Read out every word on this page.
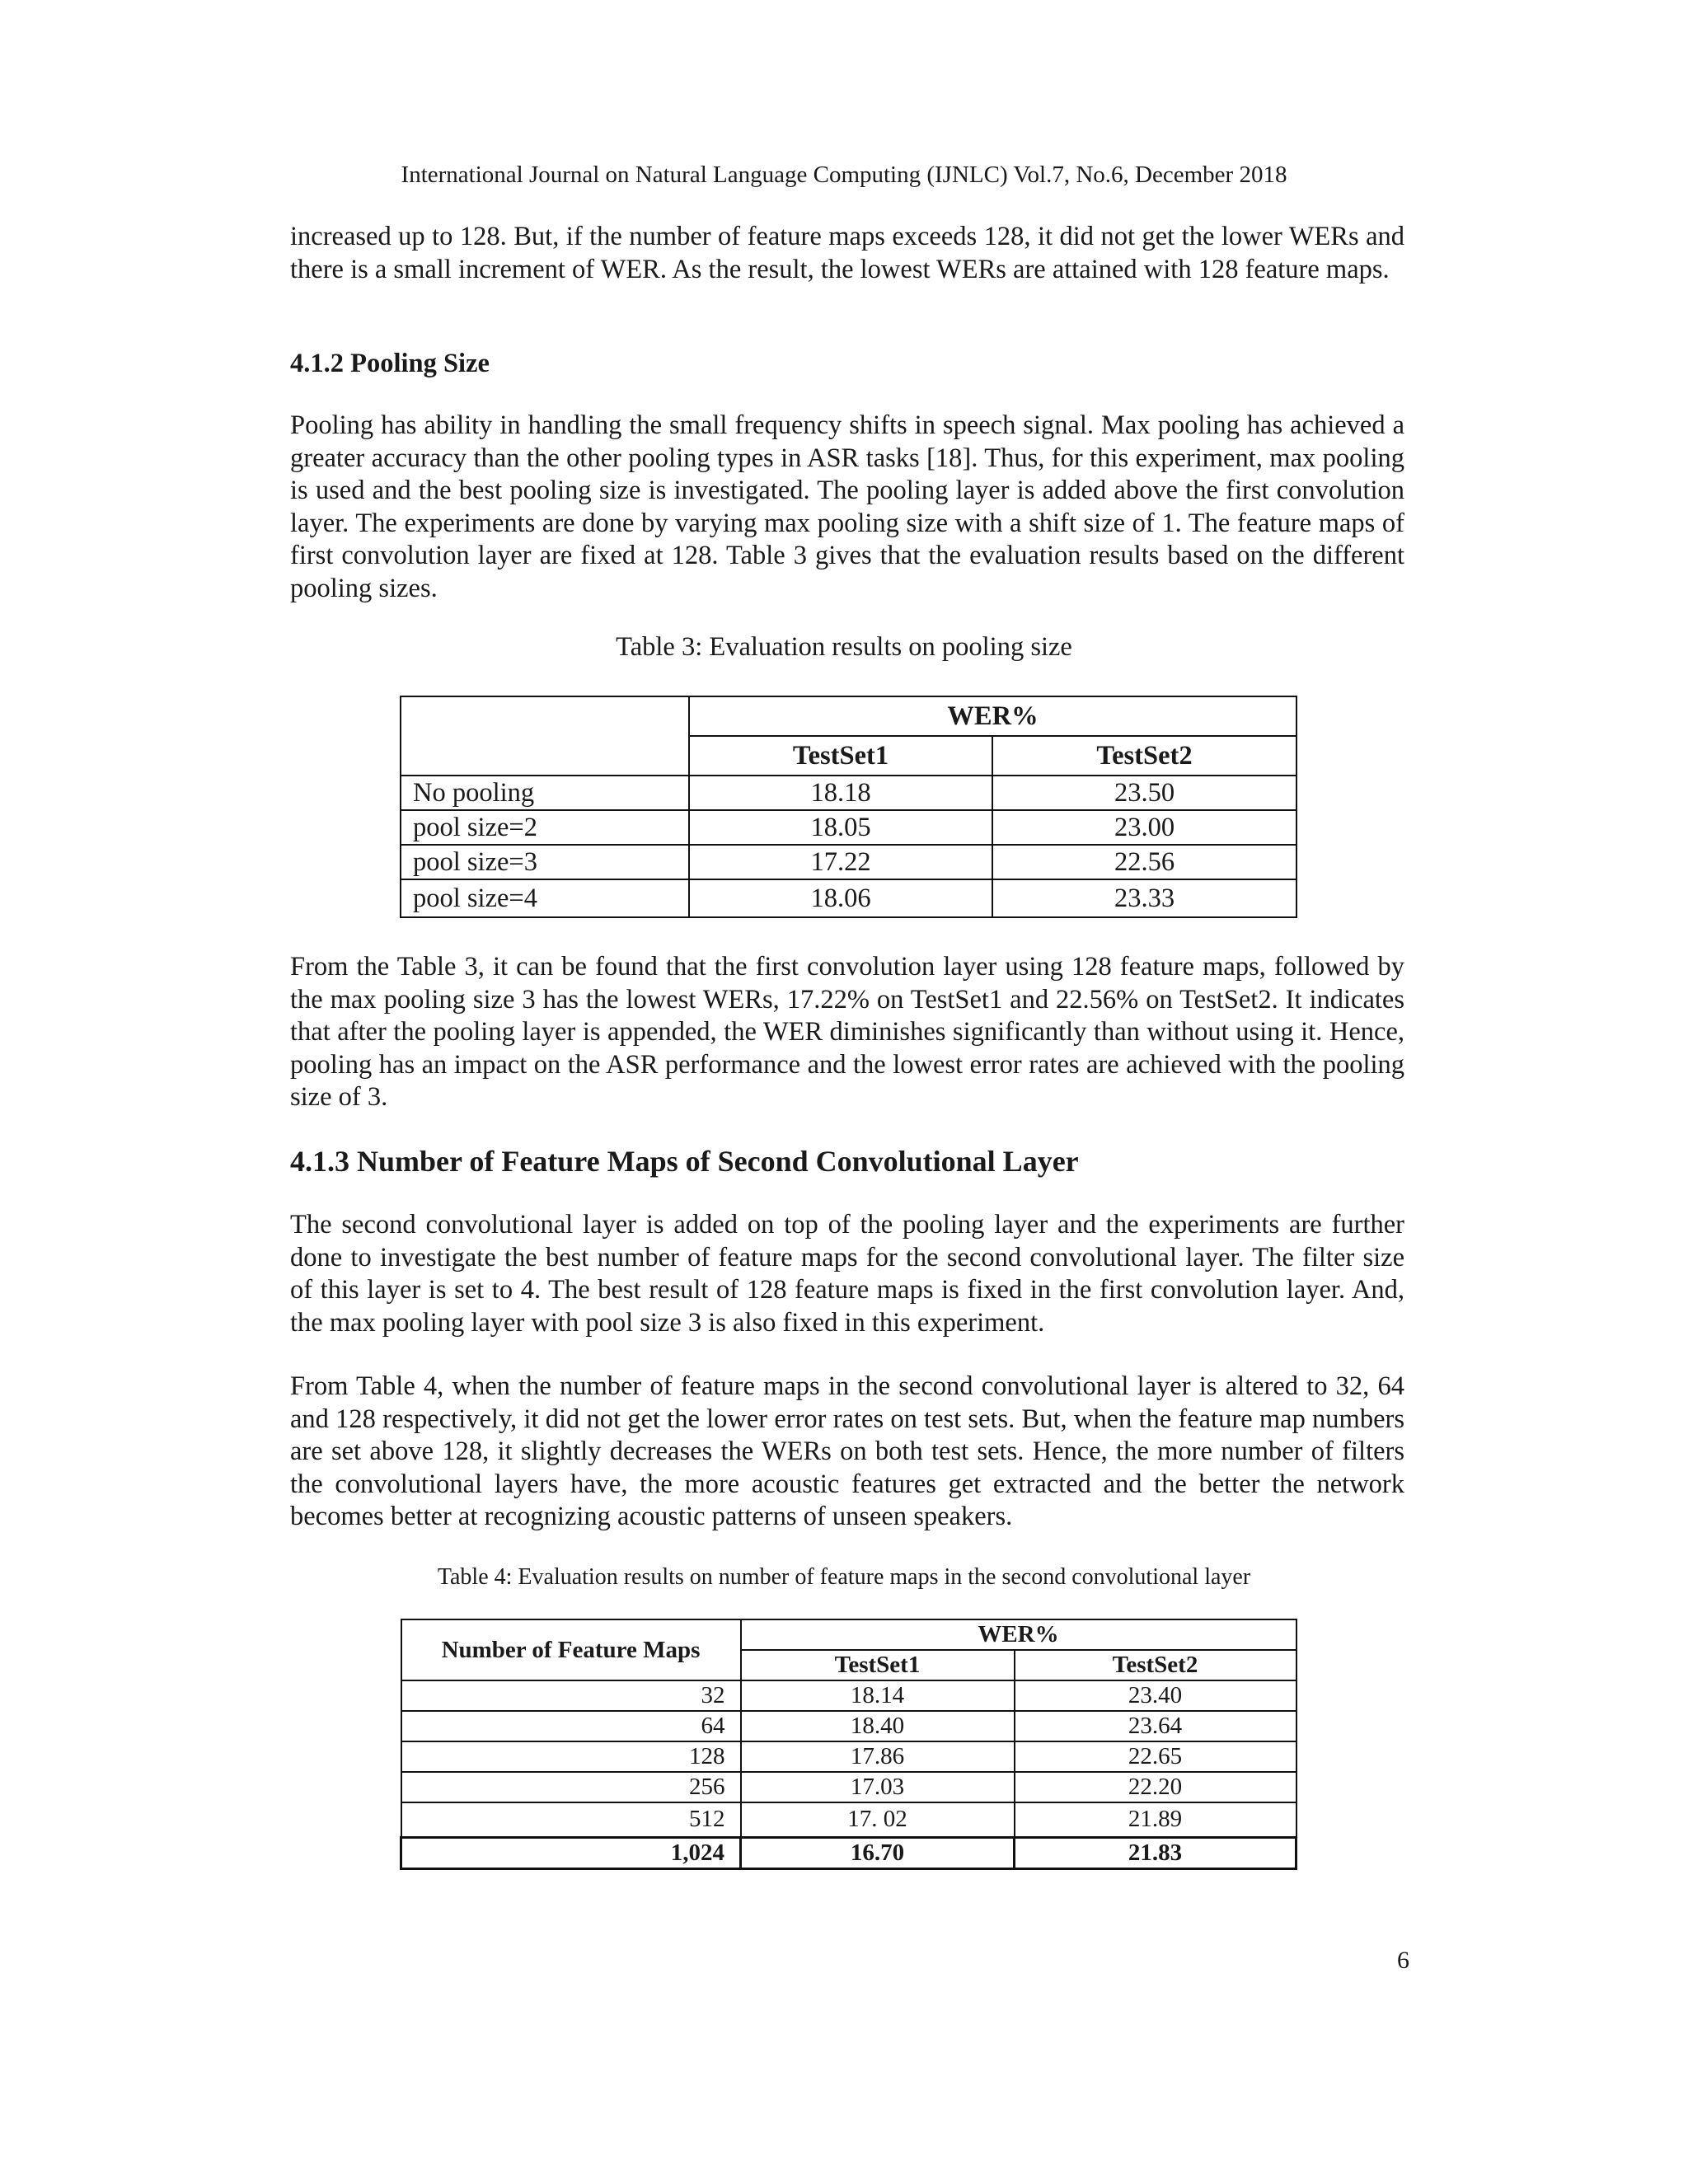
International Journal on Natural Language Computing (IJNLC) Vol.7, No.6, December 2018

increased up to 128. But, if the number of feature maps exceeds 128, it did not get the lower WERs and there is a small increment of WER. As the result, the lowest WERs are attained with 128 feature maps.

4.1.2 Pooling Size

Pooling has ability in handling the small frequency shifts in speech signal. Max pooling has achieved a greater accuracy than the other pooling types in ASR tasks [18]. Thus, for this experiment, max pooling is used and the best pooling size is investigated. The pooling layer is added above the first convolution layer. The experiments are done by varying max pooling size with a shift size of 1. The feature maps of first convolution layer are fixed at 128. Table 3 gives that the evaluation results based on the different pooling sizes.

Table 3: Evaluation results on pooling size
	WER%	
	TestSet1	TestSet2
No pooling	18.18	23.50
pool size=2	18.05	23.00
pool size=3	17.22	22.56
pool size=4	18.06	23.33

From the Table 3, it can be found that the first convolution layer using 128 feature maps, followed by the max pooling size 3 has the lowest WERs, 17.22% on TestSet1 and 22.56% on TestSet2. It indicates that after the pooling layer is appended, the WER diminishes significantly than without using it. Hence, pooling has an impact on the ASR performance and the lowest error rates are achieved with the pooling size of 3.

4.1.3 Number of Feature Maps of Second Convolutional Layer

The second convolutional layer is added on top of the pooling layer and the experiments are further done to investigate the best number of feature maps for the second convolutional layer. The filter size of this layer is set to 4. The best result of 128 feature maps is fixed in the first convolution layer. And, the max pooling layer with pool size 3 is also fixed in this experiment.

From Table 4, when the number of feature maps in the second convolutional layer is altered to 32, 64 and 128 respectively, it did not get the lower error rates on test sets. But, when the feature map numbers are set above 128, it slightly decreases the WERs on both test sets. Hence, the more number of filters the convolutional layers have, the more acoustic features get extracted and the better the network becomes better at recognizing acoustic patterns of unseen speakers.

Table 4: Evaluation results on number of feature maps in the second convolutional layer
Number of Feature Maps	WER%	
	TestSet1	TestSet2
32	18.14	23.40
64	18.40	23.64
128	17.86	22.65
256	17.03	22.20
512	17. 02	21.89
1,024	16.70	21.83
6
